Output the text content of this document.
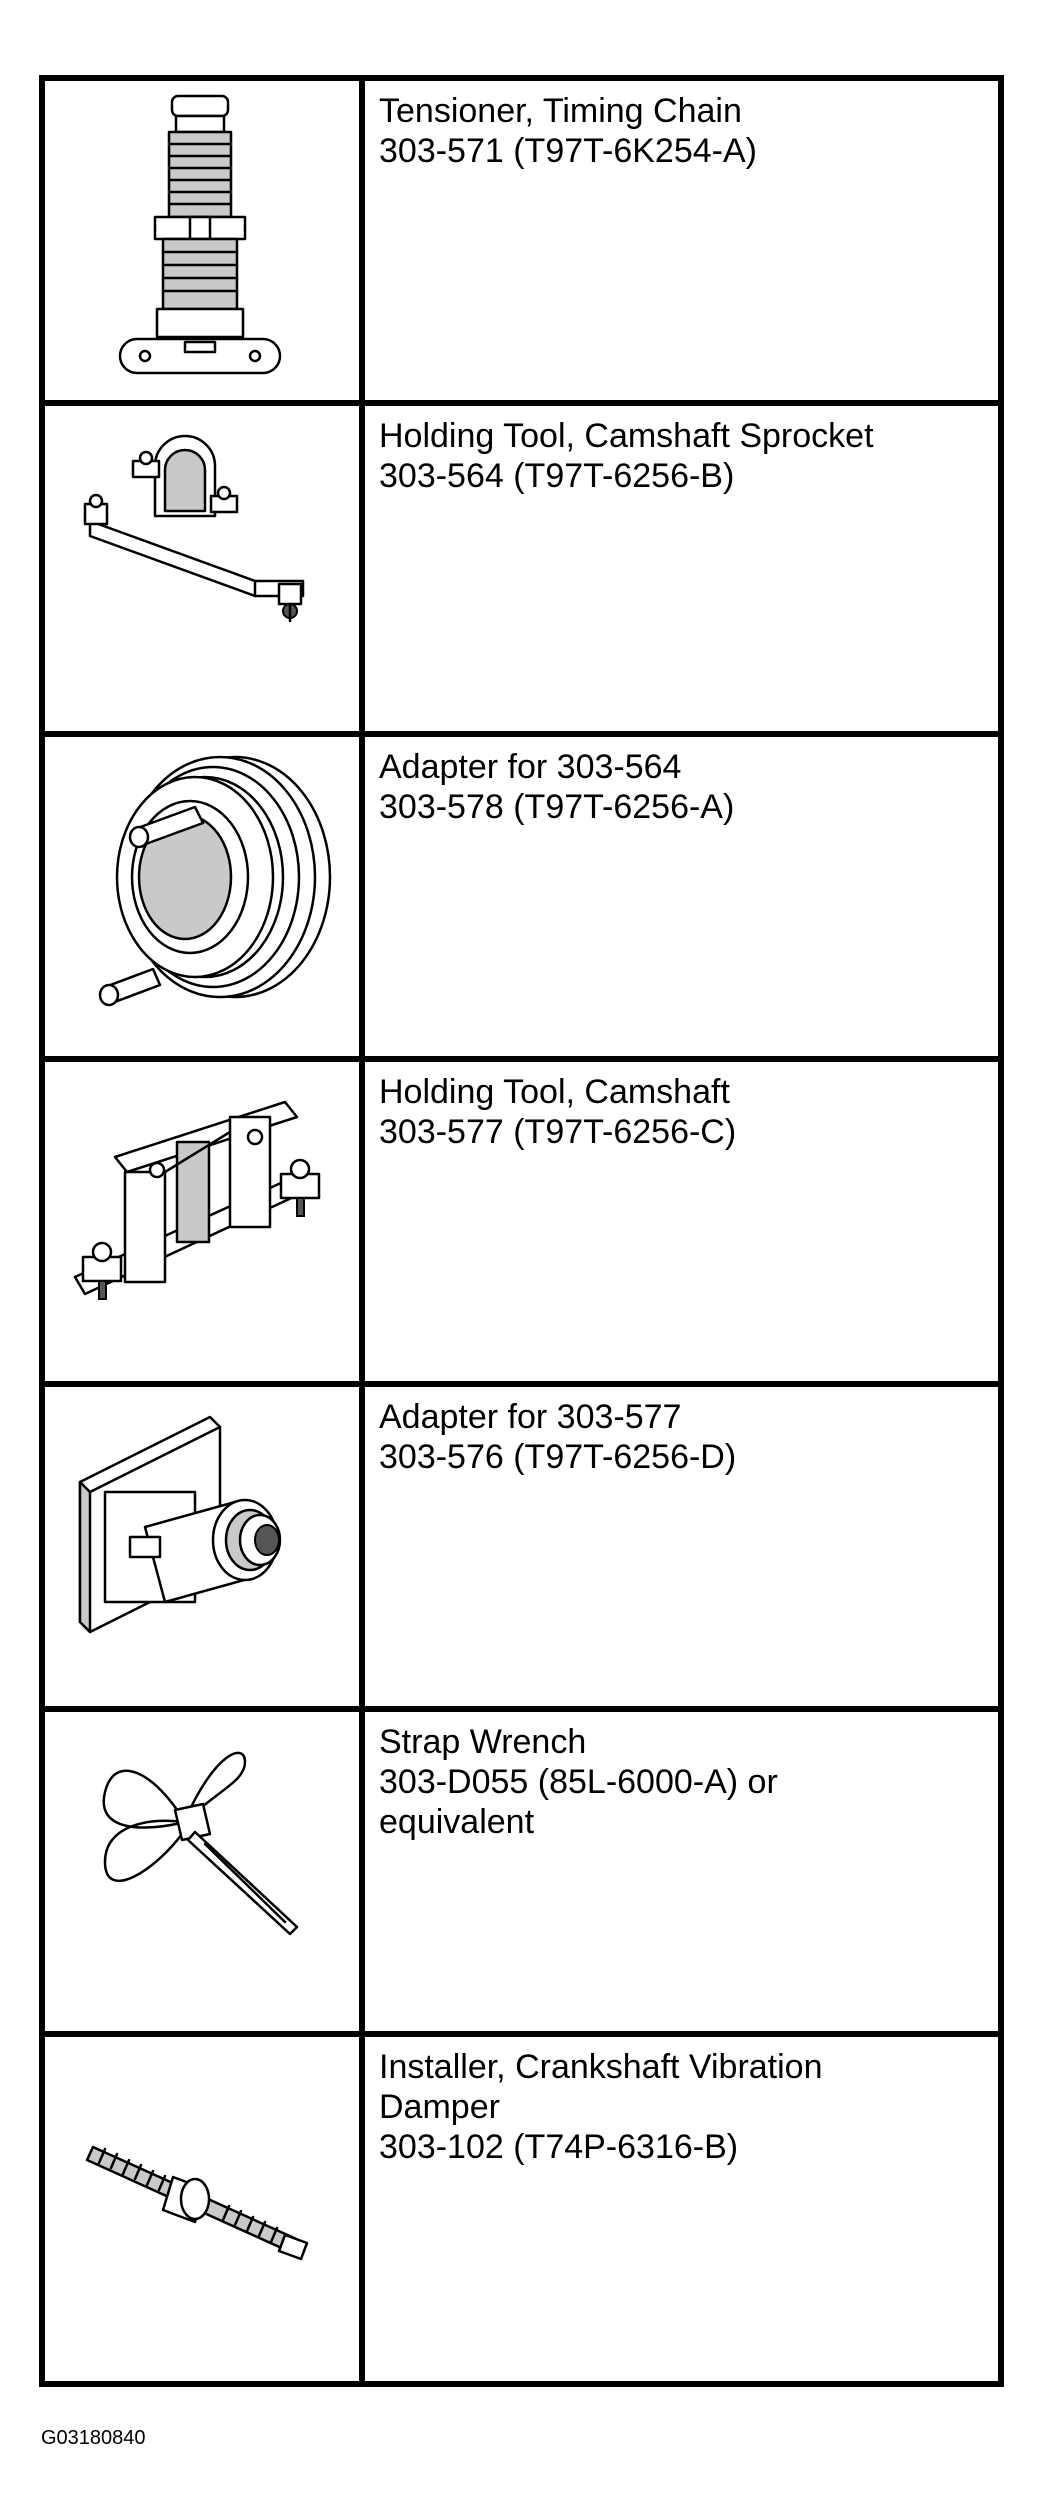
Tensioner, Timing Chain
303-571 (T97T-6K254-A)
Holding Tool, Camshaft Sprocket
303-564 (T97T-6256-B)
Adapter for 303-564
303-578 (T97T-6256-A)
Holding Tool, Camshaft
303-577 (T97T-6256-C)
Adapter for 303-577
303-576 (T97T-6256-D)
Strap Wrench
303-D055 (85L-6000-A) or
equivalent
Installer, Crankshaft Vibration
Damper
303-102 (T74P-6316-B)
G03180840
